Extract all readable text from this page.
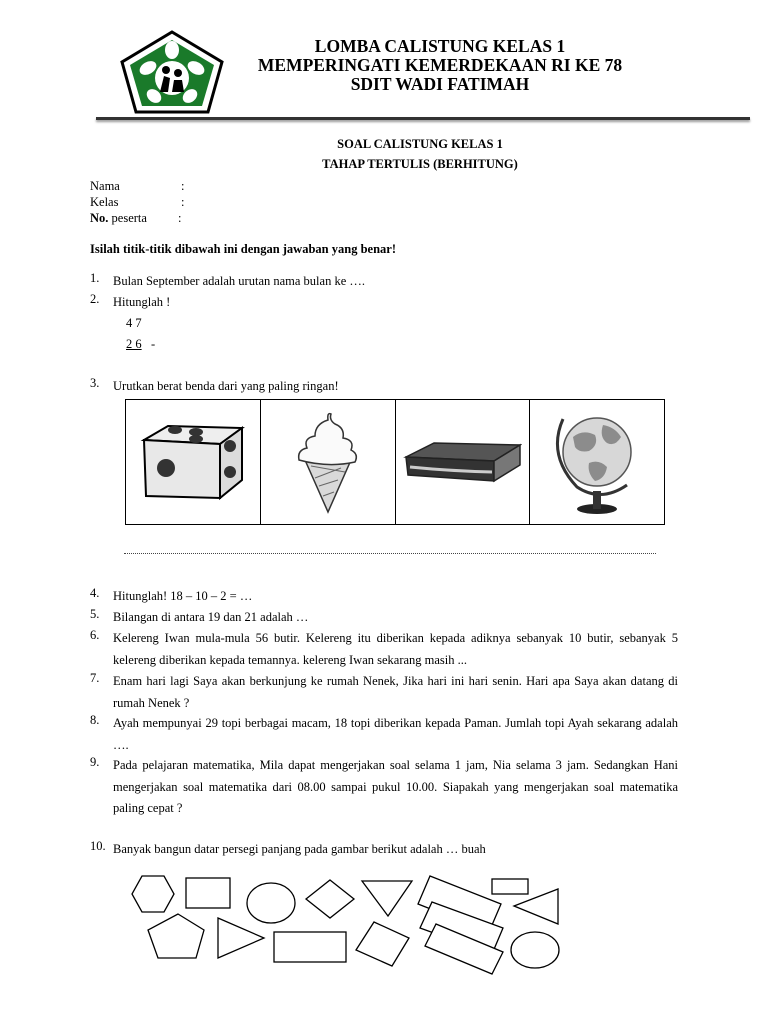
LOMBA CALISTUNG KELAS 1
MEMPERINGATI KEMERDEKAAN RI KE 78
SDIT WADI FATIMAH
SOAL CALISTUNG KELAS 1
TAHAP TERTULIS (BERHITUNG)
Nama	:
Kelas	:
No. peserta :
Isilah titik-titik dibawah ini dengan jawaban yang benar!
1.	Bulan September adalah urutan nama bulan ke ….
2.	Hitunglah !
4 7
2 6 -
3.	Urutkan berat benda dari yang paling ringan!
4.	Hitunglah! 18 – 10 – 2 = …
5.	Bilangan di antara 19 dan 21 adalah …
6.	Kelereng Iwan mula-mula 56 butir. Kelereng itu diberikan kepada adiknya sebanyak 10 butir, sebanyak 5 kelereng diberikan kepada temannya. kelereng Iwan sekarang masih ...
7.	Enam hari lagi Saya akan berkunjung ke rumah Nenek, Jika hari ini hari senin. Hari apa Saya akan datang di rumah Nenek ?
8.	Ayah mempunyai 29 topi berbagai macam, 18 topi diberikan kepada Paman. Jumlah topi Ayah sekarang adalah ….
9.	Pada pelajaran matematika, Mila dapat mengerjakan soal selama 1 jam, Nia selama 3 jam. Sedangkan Hani mengerjakan soal matematika dari 08.00 sampai pukul 10.00. Siapakah yang mengerjakan soal matematika paling cepat ?
10. Banyak bangun datar persegi panjang pada gambar berikut adalah … buah
